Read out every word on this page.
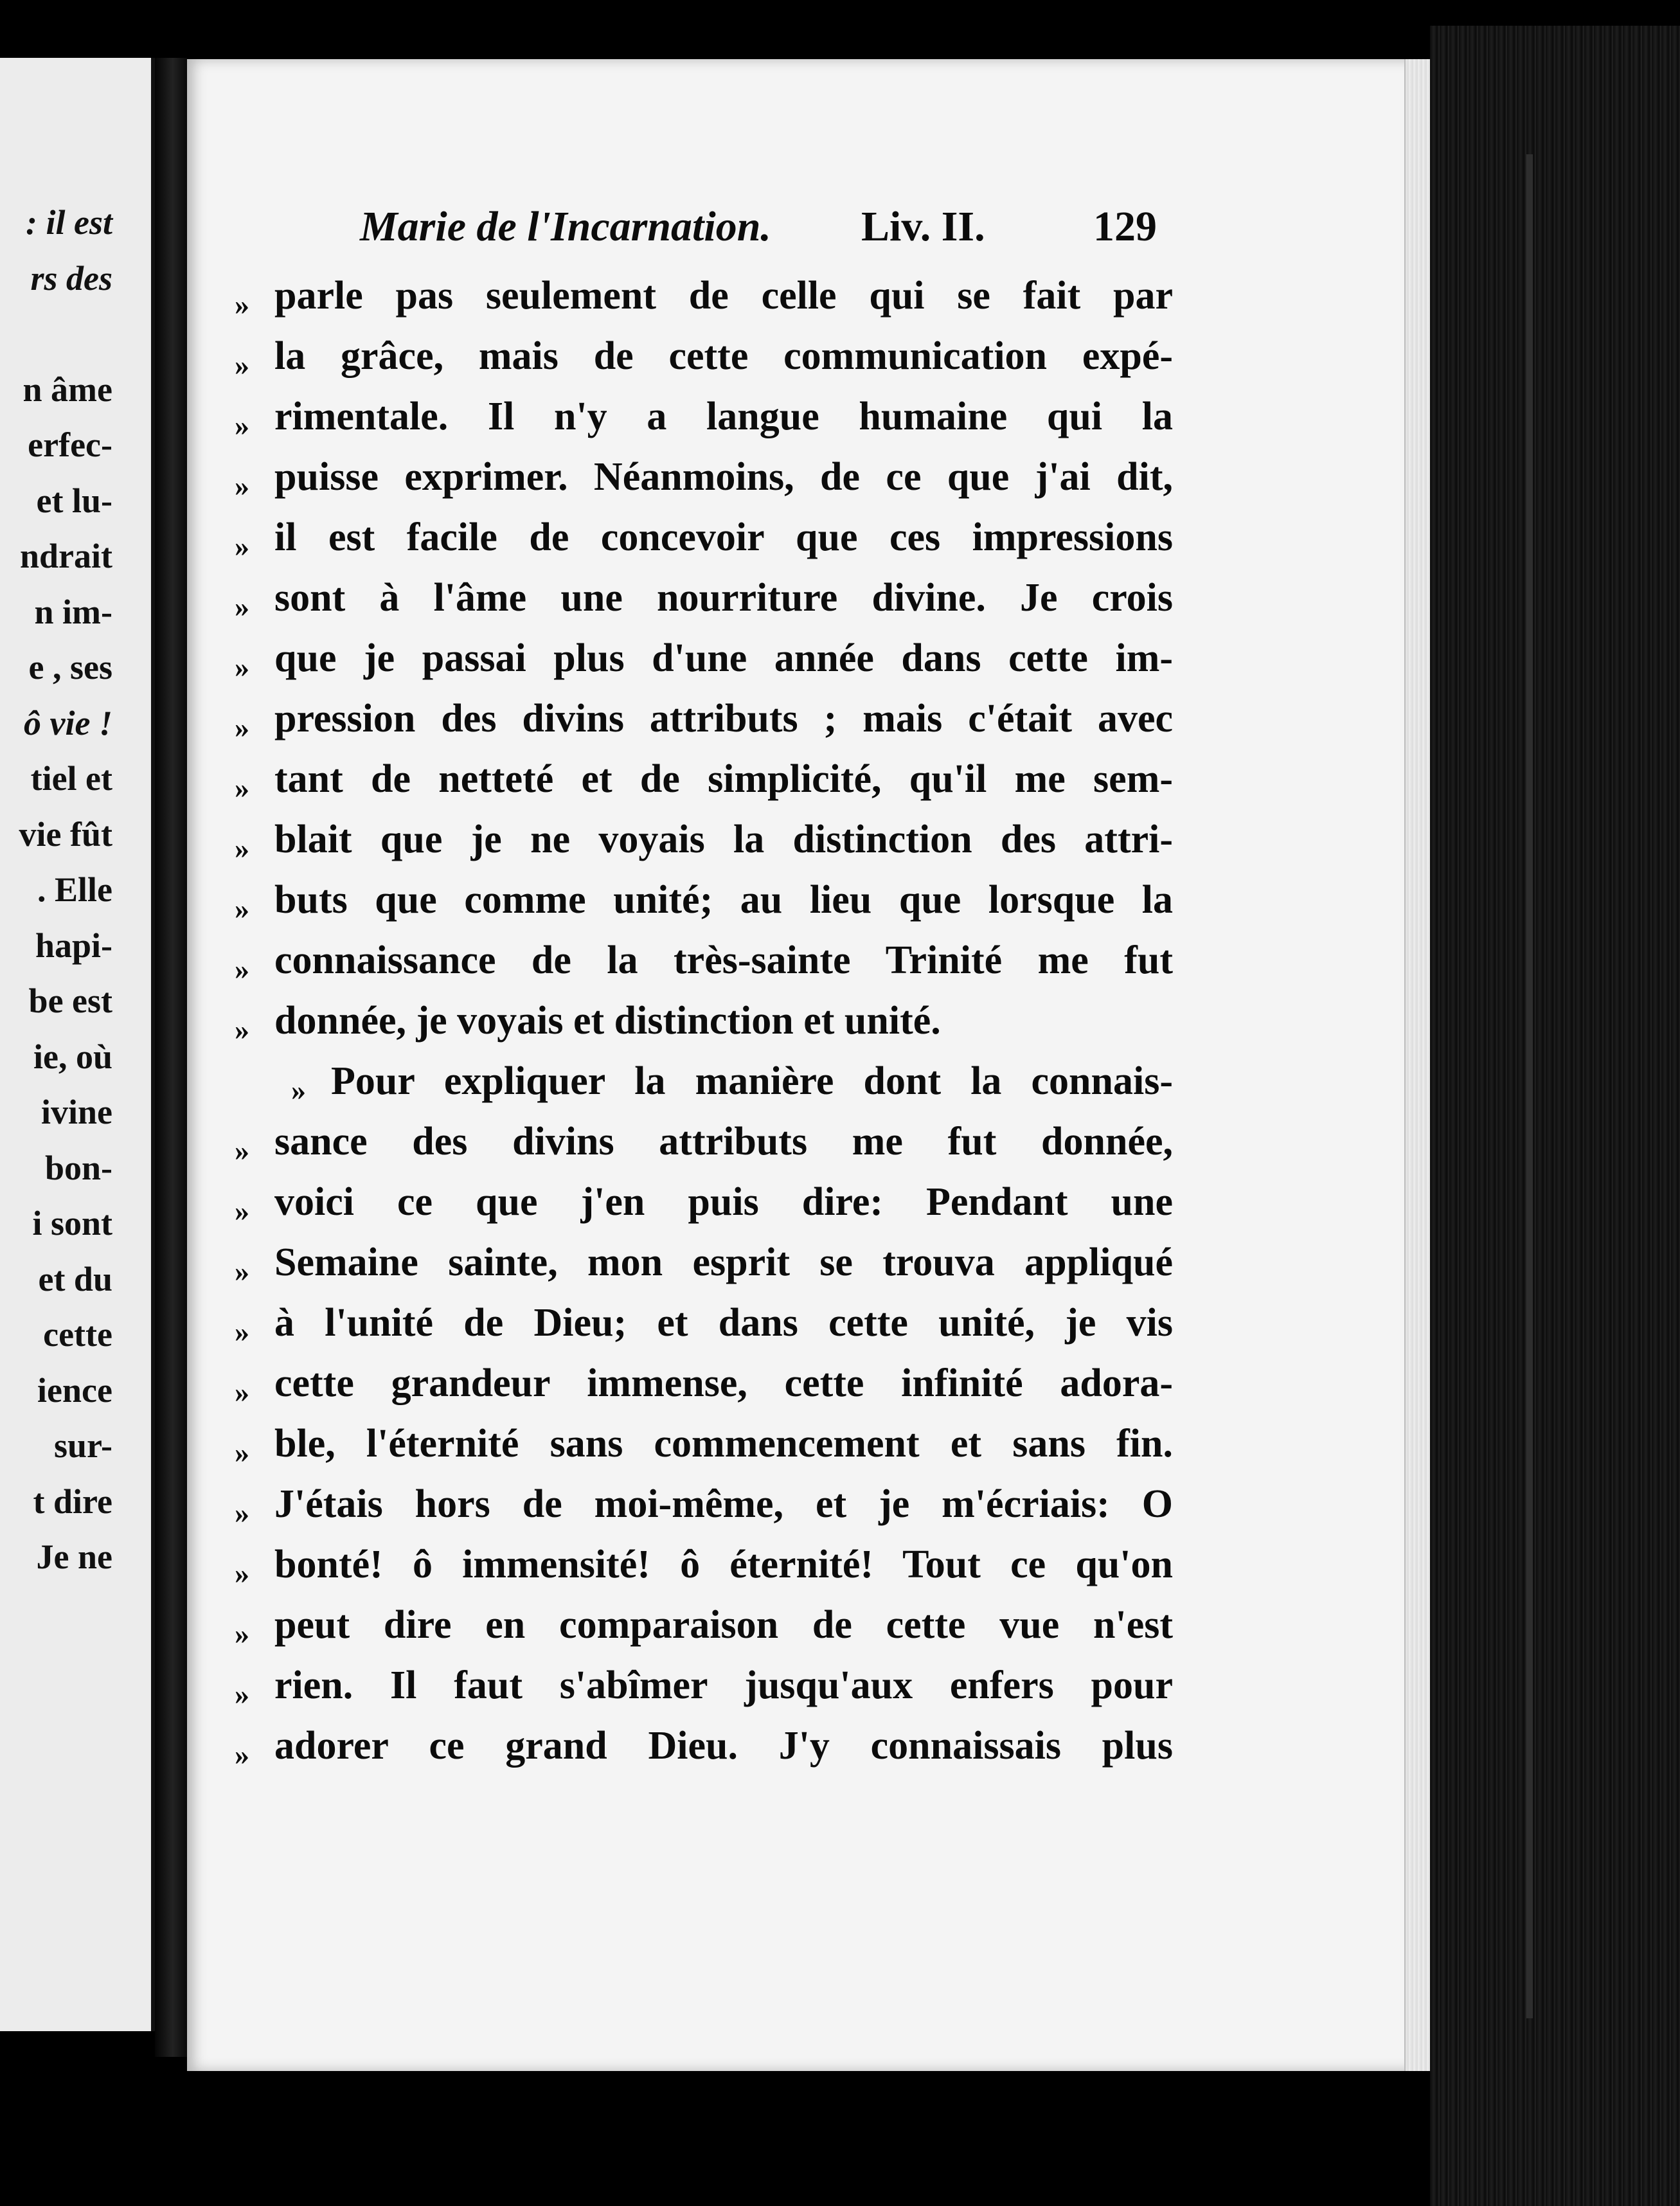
: il est
rs des
n âme
erfec-
et lu-
ndrait
n im-
e , ses
ô vie !
tiel et
vie fût
. Elle
hapi-
be est
ie, où
ivine
bon-
i sont
et du
cette
ience
sur-
t dire
Je ne
Marie de l'Incarnation. Liv. II.	129
» parle pas seulement de celle qui se fait par
» la grâce, mais de cette communication expé-
» rimentale. Il n'y a langue humaine qui la
» puisse exprimer. Néanmoins, de ce que j'ai dit,
» il est facile de concevoir que ces impressions
» sont à l'âme une nourriture divine. Je crois
» que je passai plus d'une année dans cette im-
» pression des divins attributs ; mais c'était avec
» tant de netteté et de simplicité, qu'il me sem-
» blait que je ne voyais la distinction des attri-
» buts que comme unité; au lieu que lorsque la
» connaissance de la très-sainte Trinité me fut
» donnée, je voyais et distinction et unité.
» Pour expliquer la manière dont la connais-
» sance des divins attributs me fut donnée,
» voici ce que j'en puis dire: Pendant une
» Semaine sainte, mon esprit se trouva appliqué
» à l'unité de Dieu; et dans cette unité, je vis
» cette grandeur immense, cette infinité adora-
» ble, l'éternité sans commencement et sans fin.
» J'étais hors de moi-même, et je m'écriais: O
» bonté! ô immensité! ô éternité! Tout ce qu'on
» peut dire en comparaison de cette vue n'est
» rien. Il faut s'abîmer jusqu'aux enfers pour
» adorer ce grand Dieu. J'y connaissais plus
